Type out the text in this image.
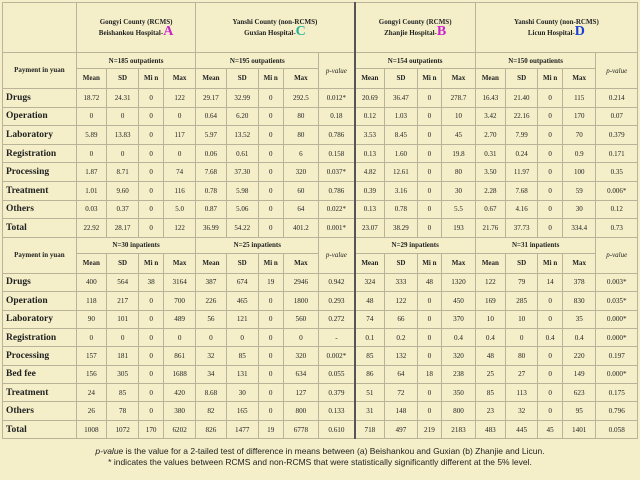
	Gongyi County (RCMS)
Beishankou Hospital-A				Yanshi County (non-RCMS)
Guxian Hospital-C					Gongyi County (RCMS)
Zhanjie Hospital-B				Yanshi County (non-RCMS)
Licun Hospital-D				
Payment in yuan	N=185 outpatients				N=195 outpatients				p-value	N=154 outpatients				N=150 outpatients				p-value
	Mean	SD	Mi n	Max	Mean	SD	Mi n	Max		Mean	SD	Mi n	Max	Mean	SD	Mi n	Max	
Drugs	18.72	24.31	0	122	29.17	32.99	0	292.5	0.012*	20.69	36.47	0	278.7	16.43	21.40	0	115	0.214
Operation	0	0	0	0	0.64	6.20	0	80	0.18	0.12	1.03	0	10	3.42	22.16	0	170	0.07
Laboratory	5.89	13.83	0	117	5.97	13.52	0	80	0.786	3.53	8.45	0	45	2.70	7.99	0	70	0.379
Registration	0	0	0	0	0.06	0.61	0	6	0.158	0.13	1.60	0	19.8	0.31	0.24	0	0.9	0.171
Processing	1.87	8.71	0	74	7.68	37.30	0	320	0.037*	4.82	12.61	0	80	3.50	11.97	0	100	0.35
Treatment	1.01	9.60	0	116	0.78	5.98	0	60	0.786	0.39	3.16	0	30	2.28	7.68	0	59	0.006*
Others	0.03	0.37	0	5.0	0.87	5.06	0	64	0.022*	0.13	0.78	0	5.5	0.67	4.16	0	30	0.12
Total	22.92	28.17	0	122	36.99	54.22	0	401.2	0.001*	23.07	38.29	0	193	21.76	37.73	0	334.4	0.73
Payment in yuan	N=30 inpatients				N=25 inpatients				p-value	N=29 inpatients				N=31 inpatients				p-value
	Mean	SD	Mi n	Max	Mean	SD	Mi n	Max		Mean	SD	Mi n	Max	Mean	SD	Mi n	Max	
Drugs	400	564	38	3164	387	674	19	2946	0.942	324	333	48	1320	122	79	14	378	0.003*
Operation	118	217	0	700	226	465	0	1800	0.293	48	122	0	450	169	285	0	830	0.035*
Laboratory	90	101	0	489	56	121	0	560	0.272	74	66	0	370	10	10	0	35	0.000*
Registration	0	0	0	0	0	0	0	0	-	0.1	0.2	0	0.4	0.4	0	0.4	0.4	0.000*
Processing	157	181	0	861	32	85	0	320	0.002*	85	132	0	320	48	80	0	220	0.197
Bed fee	156	305	0	1688	34	131	0	634	0.055	86	64	18	238	25	27	0	149	0.000*
Treatment	24	85	0	420	8.68	30	0	127	0.379	51	72	0	350	85	113	0	623	0.175
Others	26	78	0	380	82	165	0	800	0.133	31	148	0	800	23	32	0	95	0.796
Total	1008	1072	170	6202	826	1477	19	6778	0.610	718	497	219	2183	483	445	45	1401	0.058
p-value is the value for a 2-tailed test of difference in means between (a) Beishankou and Guxian (b) Zhanjie and Licun.
* indicates the values between RCMS and non-RCMS that were statistically significantly different at the 5% level.
